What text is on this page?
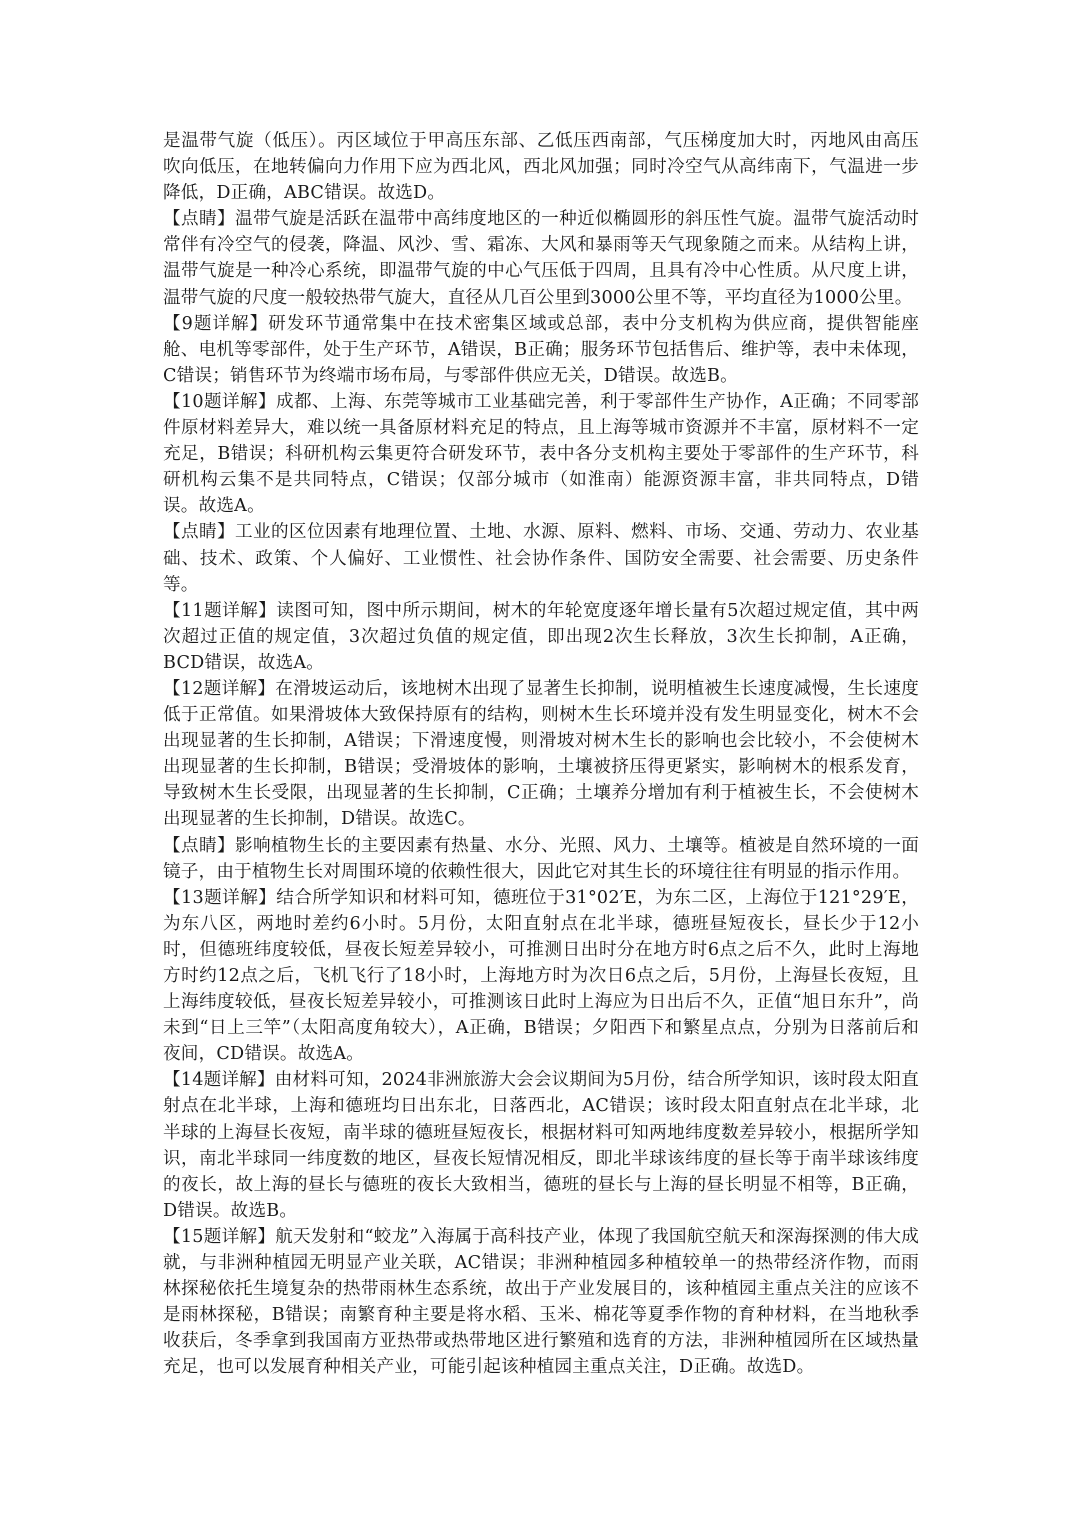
是温带气旋（低压）。丙区域位于甲高压东部、乙低压西南部，气压梯度加大时，丙地风由高压吹向低压，在地转偏向力作用下应为西北风，西北风加强；同时冷空气从高纬南下，气温进一步降低，D正确，ABC错误。故选D。

【点睛】温带气旋是活跃在温带中高纬度地区的一种近似椭圆形的斜压性气旋。温带气旋活动时常伴有冷空气的侵袭，降温、风沙、雪、霜冻、大风和暴雨等天气现象随之而来。从结构上讲，温带气旋是一种冷心系统，即温带气旋的中心气压低于四周，且具有冷中心性质。从尺度上讲，温带气旋的尺度一般较热带气旋大，直径从几百公里到3000公里不等，平均直径为1000公里。

【9题详解】研发环节通常集中在技术密集区域或总部，表中分支机构为供应商，提供智能座舱、电机等零部件，处于生产环节，A错误，B正确；服务环节包括售后、维护等，表中未体现，C错误；销售环节为终端市场布局，与零部件供应无关，D错误。故选B。

【10题详解】成都、上海、东莞等城市工业基础完善，利于零部件生产协作，A正确；不同零部件原材料差异大，难以统一具备原材料充足的特点，且上海等城市资源并不丰富，原材料不一定充足，B错误；科研机构云集更符合研发环节，表中各分支机构主要处于零部件的生产环节，科研机构云集不是共同特点，C错误；仅部分城市（如淮南）能源资源丰富，非共同特点，D错误。故选A。

【点睛】工业的区位因素有地理位置、土地、水源、原料、燃料、市场、交通、劳动力、农业基础、技术、政策、个人偏好、工业惯性、社会协作条件、国防安全需要、社会需要、历史条件等。

【11题详解】读图可知，图中所示期间，树木的年轮宽度逐年增长量有5次超过规定值，其中两次超过正值的规定值，3次超过负值的规定值，即出现2次生长释放，3次生长抑制，A正确，BCD错误，故选A。

【12题详解】在滑坡运动后，该地树木出现了显著生长抑制，说明植被生长速度减慢，生长速度低于正常值。如果滑坡体大致保持原有的结构，则树木生长环境并没有发生明显变化，树木不会出现显著的生长抑制，A错误；下滑速度慢，则滑坡对树木生长的影响也会比较小，不会使树木出现显著的生长抑制，B错误；受滑坡体的影响，土壤被挤压得更紧实，影响树木的根系发育，导致树木生长受限，出现显著的生长抑制，C正确；土壤养分增加有利于植被生长，不会使树木出现显著的生长抑制，D错误。故选C。

【点睛】影响植物生长的主要因素有热量、水分、光照、风力、土壤等。植被是自然环境的一面镜子，由于植物生长对周围环境的依赖性很大，因此它对其生长的环境往往有明显的指示作用。

【13题详解】结合所学知识和材料可知，德班位于31°02′E，为东二区，上海位于121°29′E，为东八区，两地时差约6小时。5月份，太阳直射点在北半球，德班昼短夜长，昼长少于12小时，但德班纬度较低，昼夜长短差异较小，可推测日出时分在地方时6点之后不久，此时上海地方时约12点之后，飞机飞行了18小时，上海地方时为次日6点之后，5月份，上海昼长夜短，且上海纬度较低，昼夜长短差异较小，可推测该日此时上海应为日出后不久，正值“旭日东升”，尚未到“日上三竿”（太阳高度角较大），A正确，B错误；夕阳西下和繁星点点，分别为日落前后和夜间，CD错误。故选A。

【14题详解】由材料可知，2024非洲旅游大会会议期间为5月份，结合所学知识，该时段太阳直射点在北半球，上海和德班均日出东北，日落西北，AC错误；该时段太阳直射点在北半球，北半球的上海昼长夜短，南半球的德班昼短夜长，根据材料可知两地纬度数差异较小，根据所学知识，南北半球同一纬度数的地区，昼夜长短情况相反，即北半球该纬度的昼长等于南半球该纬度的夜长，故上海的昼长与德班的夜长大致相当，德班的昼长与上海的昼长明显不相等，B正确，D错误。故选B。

【15题详解】航天发射和“蛟龙”入海属于高科技产业，体现了我国航空航天和深海探测的伟大成就，与非洲种植园无明显产业关联，AC错误；非洲种植园多种植较单一的热带经济作物，而雨林探秘依托生境复杂的热带雨林生态系统，故出于产业发展目的，该种植园主重点关注的应该不是雨林探秘，B错误；南繁育种主要是将水稻、玉米、棉花等夏季作物的育种材料，在当地秋季收获后，冬季拿到我国南方亚热带或热带地区进行繁殖和选育的方法，非洲种植园所在区域热量充足，也可以发展育种相关产业，可能引起该种植园主重点关注，D正确。故选D。
